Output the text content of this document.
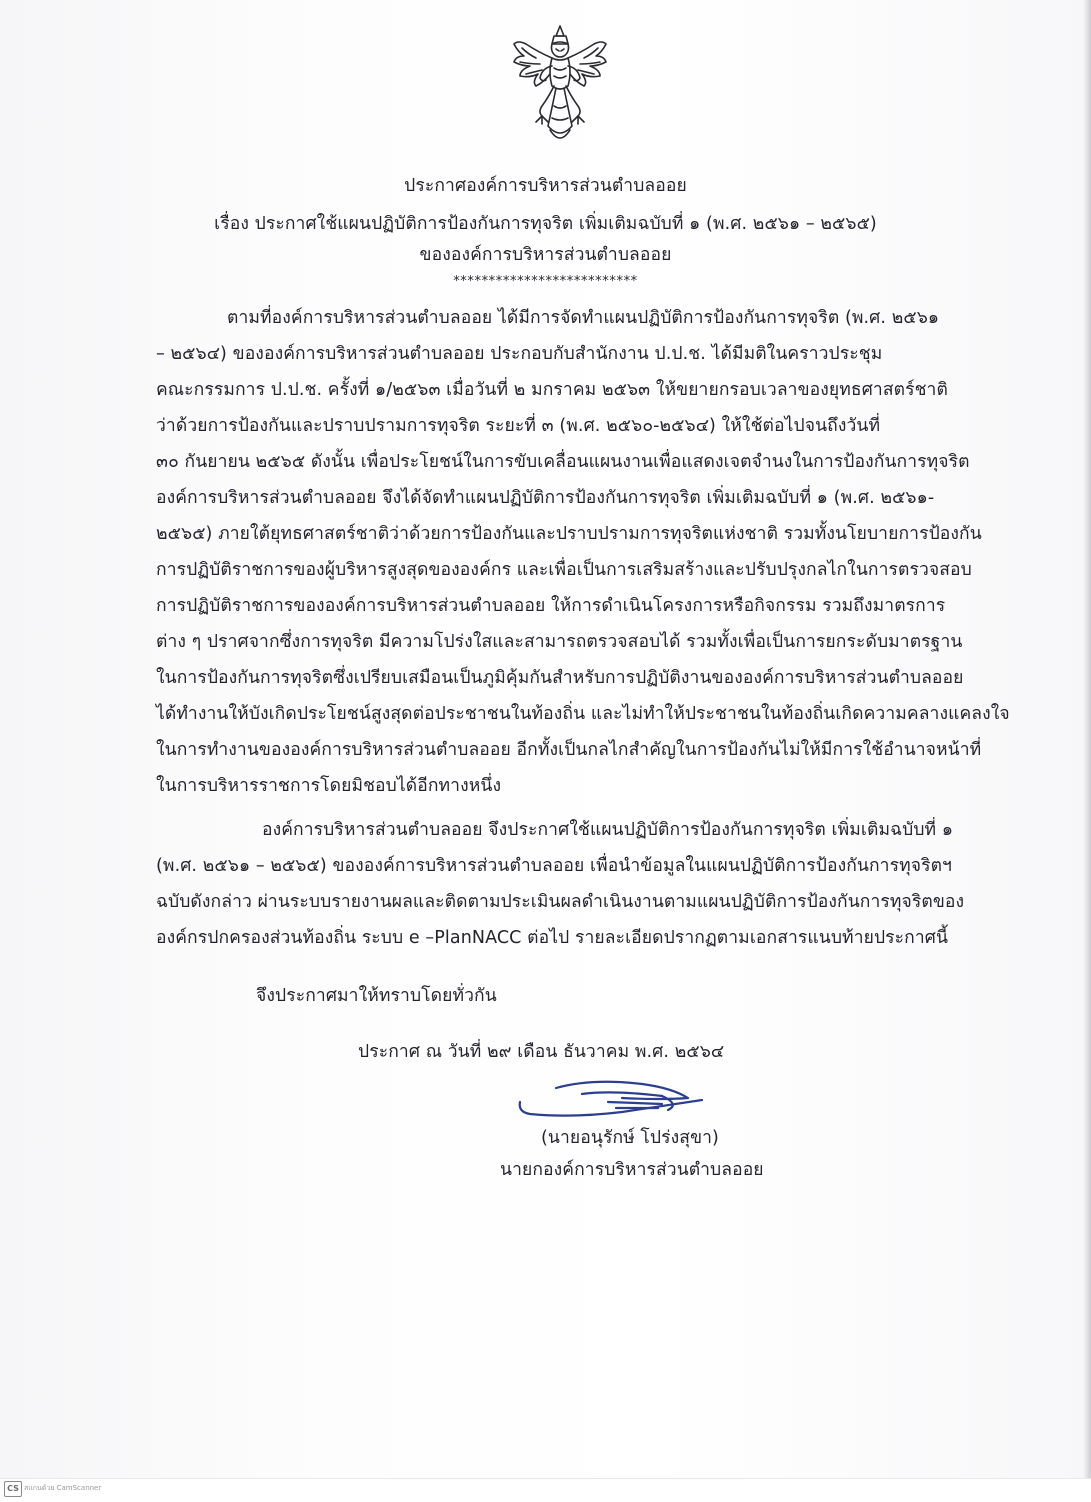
ประกาศองค์การบริหารส่วนตำบลออย
เรื่อง ประกาศใช้แผนปฏิบัติการป้องกันการทุจริต เพิ่มเติมฉบับที่ ๑ (พ.ศ. ๒๕๖๑ – ๒๕๖๕)
ขององค์การบริหารส่วนตำบลออย
**************************
ตามที่องค์การบริหารส่วนตำบลออย ได้มีการจัดทำแผนปฏิบัติการป้องกันการทุจริต (พ.ศ. ๒๕๖๑
– ๒๕๖๔) ขององค์การบริหารส่วนตำบลออย ประกอบกับสำนักงาน ป.ป.ช. ได้มีมติในคราวประชุม
คณะกรรมการ ป.ป.ช. ครั้งที่ ๑/๒๕๖๓ เมื่อวันที่ ๒ มกราคม ๒๕๖๓ ให้ขยายกรอบเวลาของยุทธศาสตร์ชาติ
ว่าด้วยการป้องกันและปราบปรามการทุจริต ระยะที่ ๓ (พ.ศ. ๒๕๖๐-๒๕๖๔) ให้ใช้ต่อไปจนถึงวันที่
๓๐ กันยายน ๒๕๖๕ ดังนั้น เพื่อประโยชน์ในการขับเคลื่อนแผนงานเพื่อแสดงเจตจำนงในการป้องกันการทุจริต
องค์การบริหารส่วนตำบลออย จึงได้จัดทำแผนปฏิบัติการป้องกันการทุจริต เพิ่มเติมฉบับที่ ๑ (พ.ศ. ๒๕๖๑-
๒๕๖๕) ภายใต้ยุทธศาสตร์ชาติว่าด้วยการป้องกันและปราบปรามการทุจริตแห่งชาติ รวมทั้งนโยบายการป้องกัน
การปฏิบัติราชการของผู้บริหารสูงสุดขององค์กร และเพื่อเป็นการเสริมสร้างและปรับปรุงกลไกในการตรวจสอบ
การปฏิบัติราชการขององค์การบริหารส่วนตำบลออย ให้การดำเนินโครงการหรือกิจกรรม รวมถึงมาตรการ
ต่าง ๆ ปราศจากซึ่งการทุจริต มีความโปร่งใสและสามารถตรวจสอบได้ รวมทั้งเพื่อเป็นการยกระดับมาตรฐาน
ในการป้องกันการทุจริตซึ่งเปรียบเสมือนเป็นภูมิคุ้มกันสำหรับการปฏิบัติงานขององค์การบริหารส่วนตำบลออย
ได้ทำงานให้บังเกิดประโยชน์สูงสุดต่อประชาชนในท้องถิ่น และไม่ทำให้ประชาชนในท้องถิ่นเกิดความคลางแคลงใจ
ในการทำงานขององค์การบริหารส่วนตำบลออย อีกทั้งเป็นกลไกสำคัญในการป้องกันไม่ให้มีการใช้อำนาจหน้าที่
ในการบริหารราชการโดยมิชอบได้อีกทางหนึ่ง
องค์การบริหารส่วนตำบลออย จึงประกาศใช้แผนปฏิบัติการป้องกันการทุจริต เพิ่มเติมฉบับที่ ๑
(พ.ศ. ๒๕๖๑ – ๒๕๖๕) ขององค์การบริหารส่วนตำบลออย เพื่อนำข้อมูลในแผนปฏิบัติการป้องกันการทุจริตฯ
ฉบับดังกล่าว ผ่านระบบรายงานผลและติดตามประเมินผลดำเนินงานตามแผนปฏิบัติการป้องกันการทุจริตของ
องค์กรปกครองส่วนท้องถิ่น ระบบ e –PlanNACC ต่อไป รายละเอียดปรากฏตามเอกสารแนบท้ายประกาศนี้
จึงประกาศมาให้ทราบโดยทั่วกัน
ประกาศ ณ วันที่ ๒๙ เดือน ธันวาคม พ.ศ. ๒๕๖๔
(นายอนุรักษ์ โปร่งสุขา)
นายกองค์การบริหารส่วนตำบลออย
CS สแกนด้วย CamScanner
